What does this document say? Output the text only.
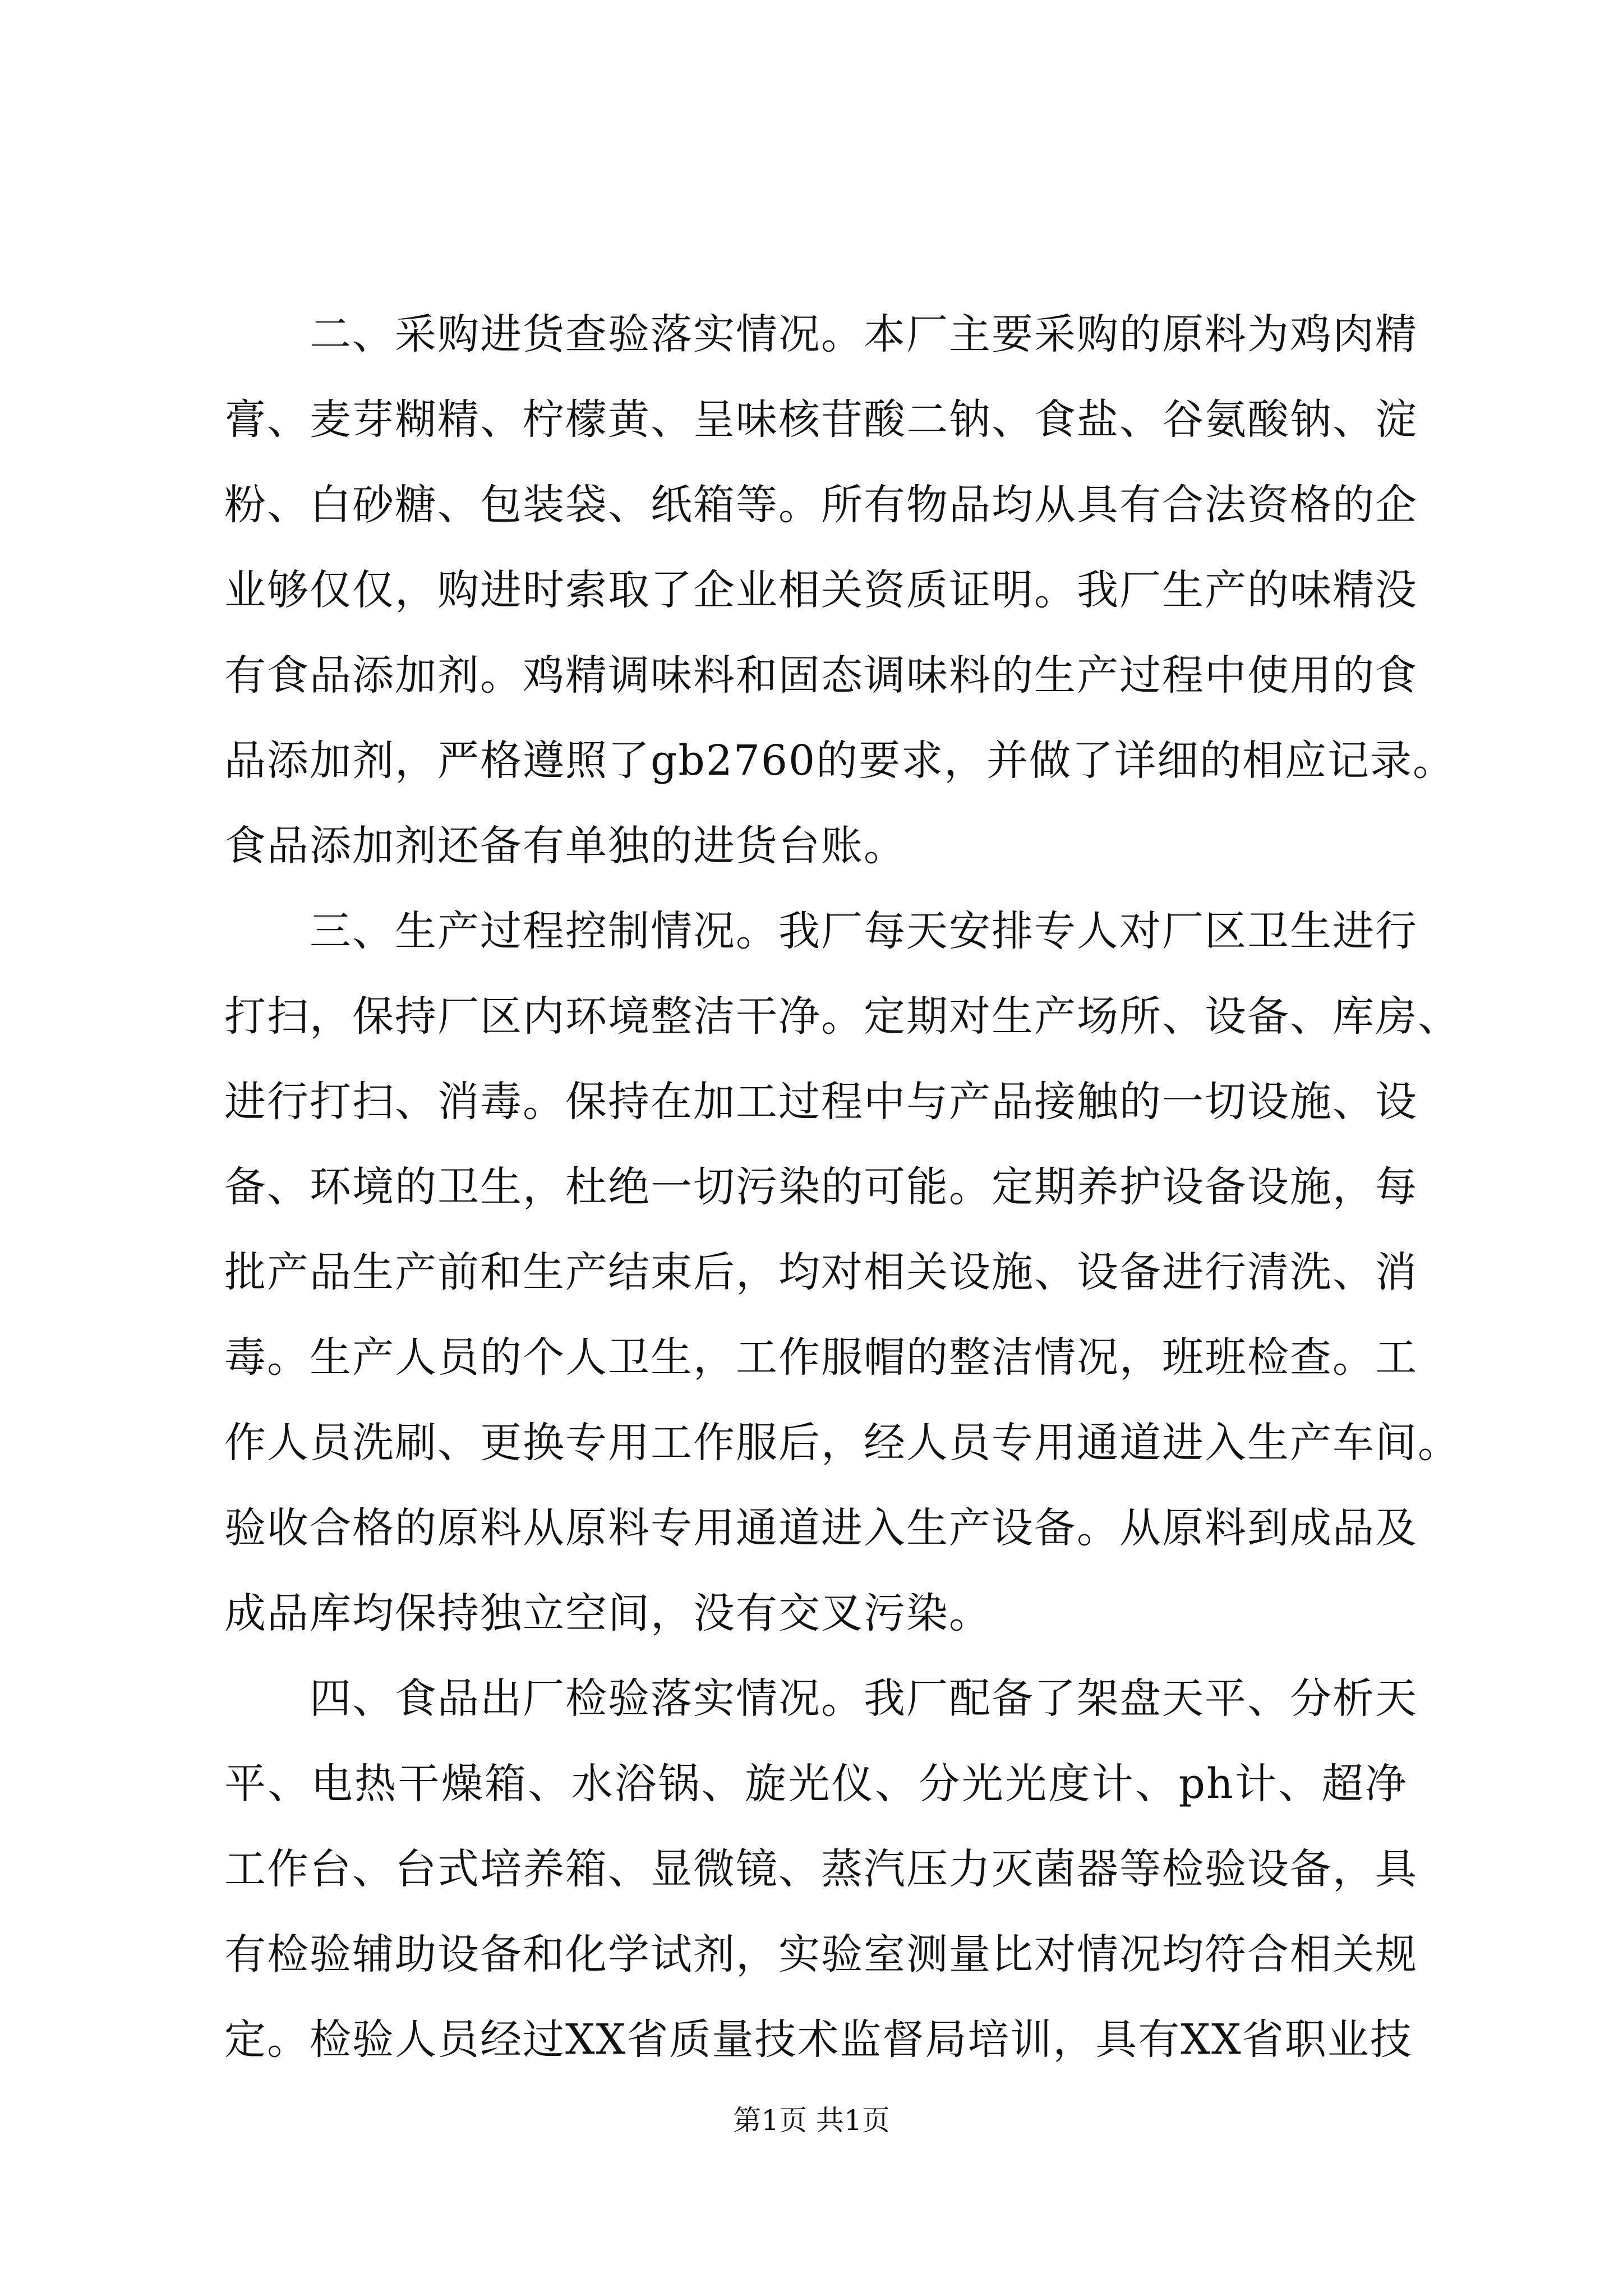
二、采购进货查验落实情况。本厂主要采购的原料为鸡肉精
膏、麦芽糊精、柠檬黄、呈味核苷酸二钠、食盐、谷氨酸钠、淀
粉、白砂糖、包装袋、纸箱等。所有物品均从具有合法资格的企
业够仅仅，购进时索取了企业相关资质证明。我厂生产的味精没
有食品添加剂。鸡精调味料和固态调味料的生产过程中使用的食
品添加剂，严格遵照了gb2760的要求，并做了详细的相应记录。
食品添加剂还备有单独的进货台账。
三、生产过程控制情况。我厂每天安排专人对厂区卫生进行
打扫，保持厂区内环境整洁干净。定期对生产场所、设备、库房、
进行打扫、消毒。保持在加工过程中与产品接触的一切设施、设
备、环境的卫生，杜绝一切污染的可能。定期养护设备设施，每
批产品生产前和生产结束后，均对相关设施、设备进行清洗、消
毒。生产人员的个人卫生，工作服帽的整洁情况，班班检查。工
作人员洗刷、更换专用工作服后，经人员专用通道进入生产车间。
验收合格的原料从原料专用通道进入生产设备。从原料到成品及
成品库均保持独立空间，没有交叉污染。
四、食品出厂检验落实情况。我厂配备了架盘天平、分析天
平、电热干燥箱、水浴锅、旋光仪、分光光度计、ph计、超净
工作台、台式培养箱、显微镜、蒸汽压力灭菌器等检验设备，具
有检验辅助设备和化学试剂，实验室测量比对情况均符合相关规
定。检验人员经过XX省质量技术监督局培训，具有XX省职业技
第1页 共1页
